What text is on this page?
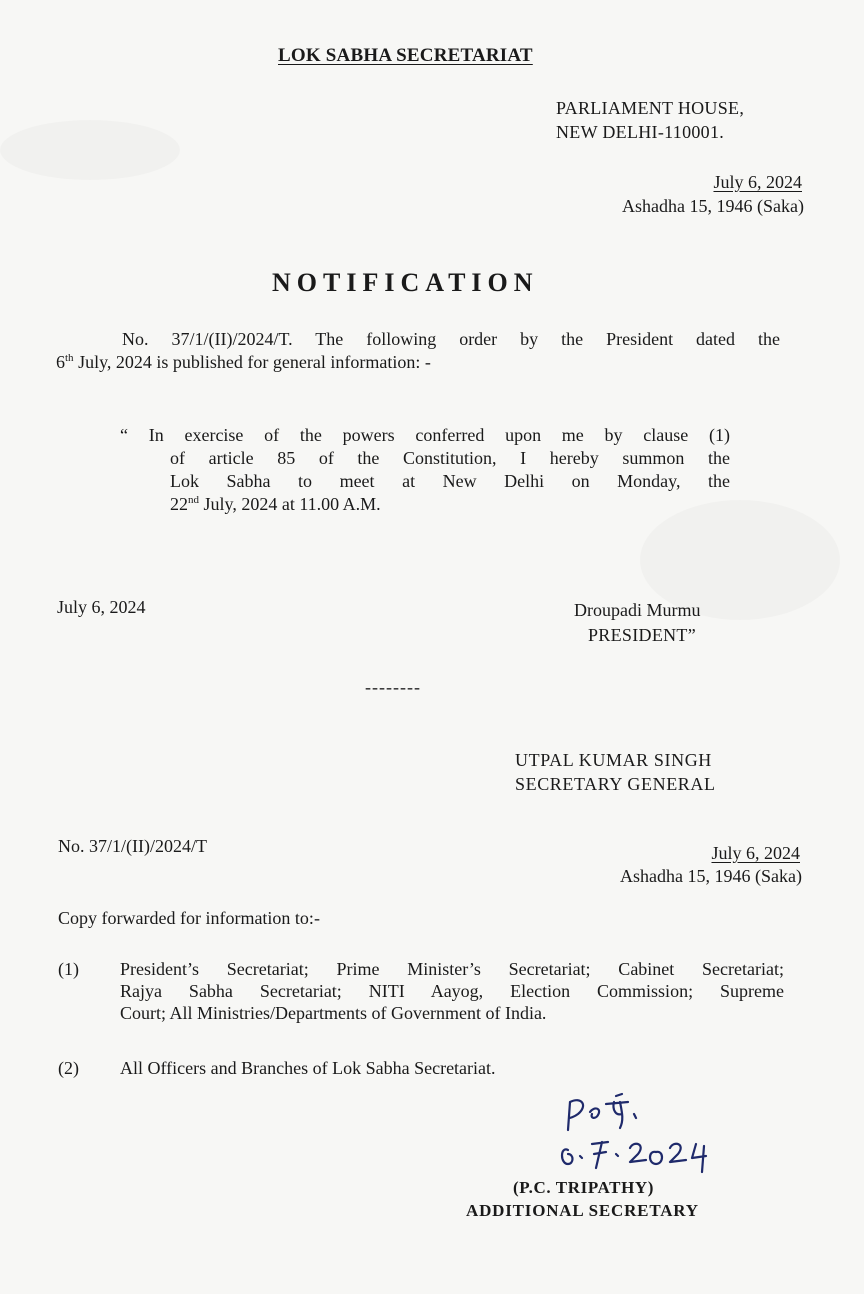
LOK SABHA SECRETARIAT
PARLIAMENT HOUSE,
NEW DELHI-110001.
July 6, 2024
Ashadha 15, 1946 (Saka)
NOTIFICATION
No. 37/1/(II)/2024/T. The following order by the President dated the
6th July, 2024 is published for general information: -
“ In exercise of the powers conferred upon me by clause (1)
of article 85 of the Constitution, I hereby summon the
Lok Sabha to meet at New Delhi on Monday, the
22nd July, 2024 at 11.00 A.M.
July 6, 2024	Droupadi Murmu
PRESIDENT”
--------
UTPAL KUMAR SINGH
SECRETARY GENERAL
No. 37/1/(II)/2024/T	July 6, 2024
Ashadha 15, 1946 (Saka)
Copy forwarded for information to:-
(1) President’s Secretariat; Prime Minister’s Secretariat; Cabinet Secretariat;
Rajya Sabha Secretariat; NITI Aayog, Election Commission; Supreme
Court; All Ministries/Departments of Government of India.
(2) All Officers and Branches of Lok Sabha Secretariat.
(P.C. TRIPATHY)
ADDITIONAL SECRETARY
